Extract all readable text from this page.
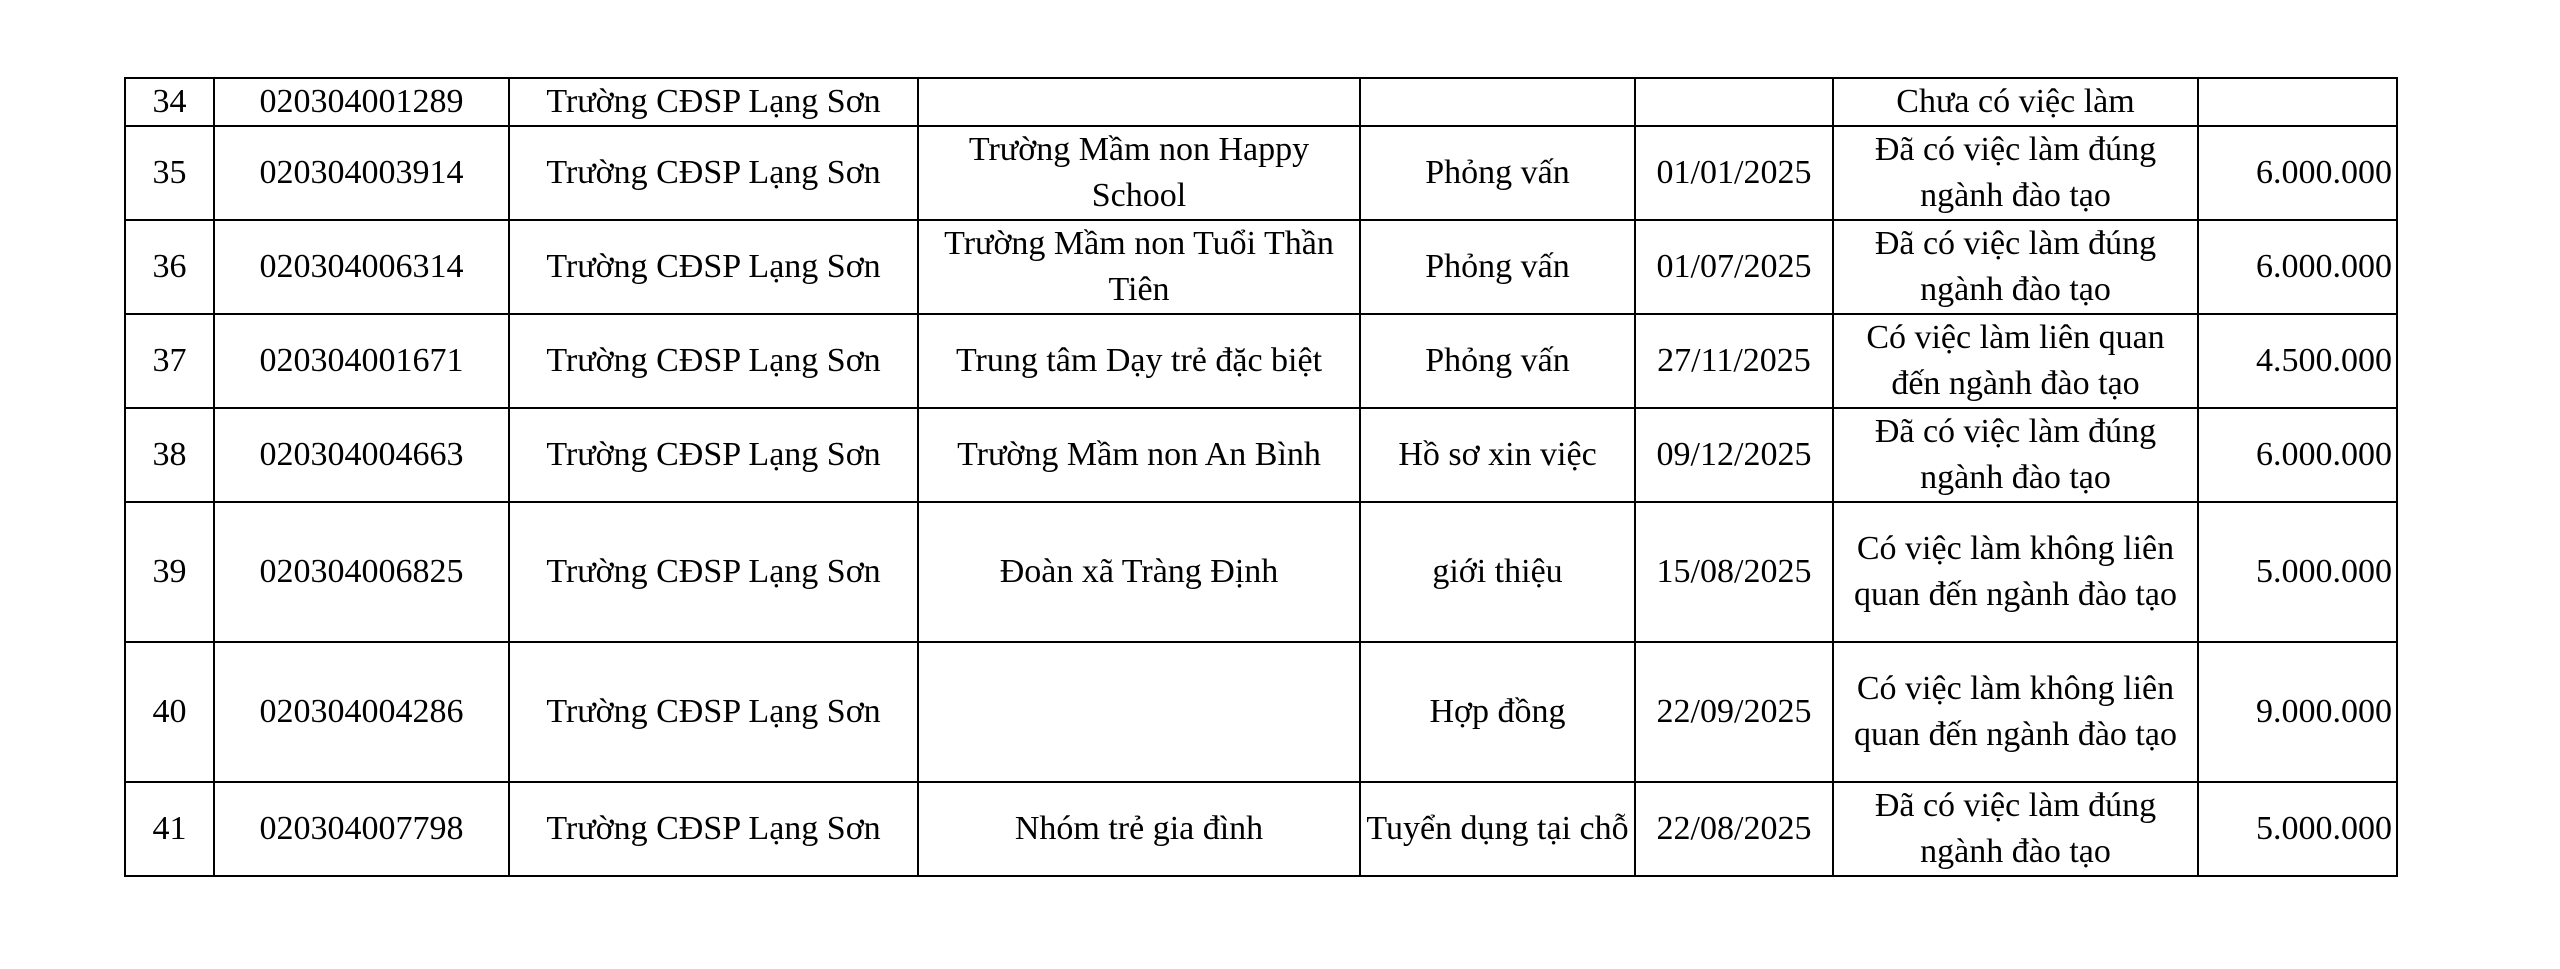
34	020304001289	Trường CĐSP Lạng Sơn				Chưa có việc làm	
35	020304003914	Trường CĐSP Lạng Sơn	Trường Mầm non Happy School	Phỏng vấn	01/01/2025	Đã có việc làm đúng ngành đào tạo	6.000.000
36	020304006314	Trường CĐSP Lạng Sơn	Trường Mầm non Tuổi Thần Tiên	Phỏng vấn	01/07/2025	Đã có việc làm đúng ngành đào tạo	6.000.000
37	020304001671	Trường CĐSP Lạng Sơn	Trung tâm Dạy trẻ đặc biệt	Phỏng vấn	27/11/2025	Có việc làm liên quan đến ngành đào tạo	4.500.000
38	020304004663	Trường CĐSP Lạng Sơn	Trường Mầm non An Bình	Hồ sơ xin việc	09/12/2025	Đã có việc làm đúng ngành đào tạo	6.000.000
39	020304006825	Trường CĐSP Lạng Sơn	Đoàn xã Tràng Định	giới thiệu	15/08/2025	Có việc làm không liên quan đến ngành đào tạo	5.000.000
40	020304004286	Trường CĐSP Lạng Sơn		Hợp đồng	22/09/2025	Có việc làm không liên quan đến ngành đào tạo	9.000.000
41	020304007798	Trường CĐSP Lạng Sơn	Nhóm trẻ gia đình	Tuyển dụng tại chỗ	22/08/2025	Đã có việc làm đúng ngành đào tạo	5.000.000
